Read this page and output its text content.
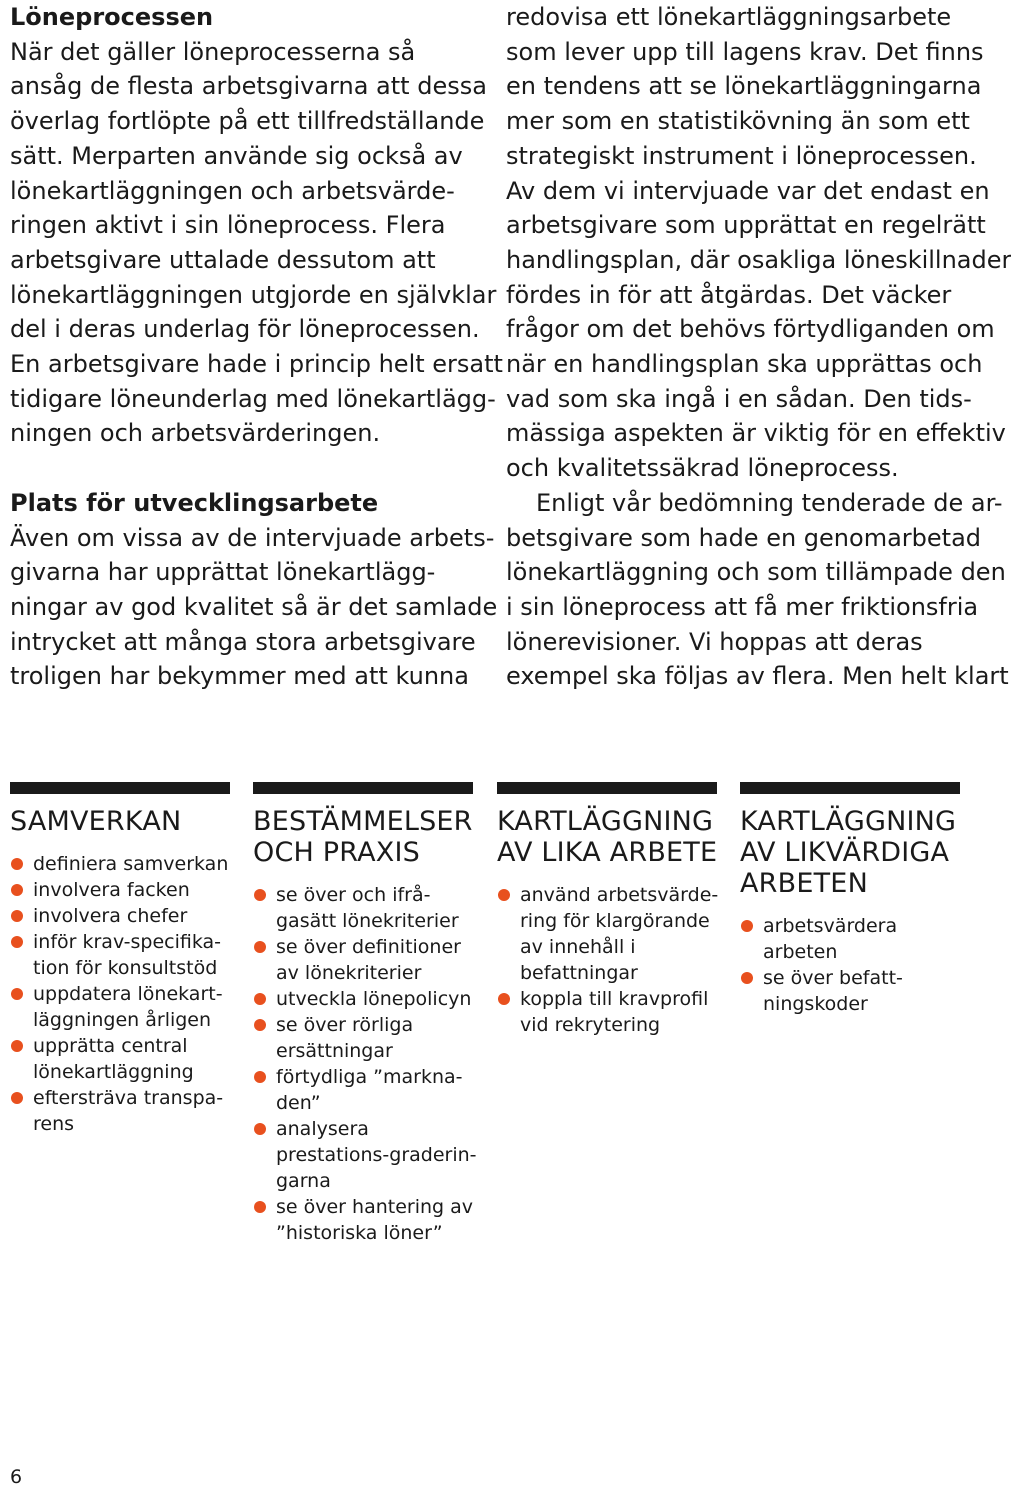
Löneprocessen
När det gäller löneprocesserna så
ansåg de flesta arbetsgivarna att dessa
överlag fortlöpte på ett tillfredställande
sätt. Merparten använde sig också av
lönekartläggningen och arbetsvärde-
ringen aktivt i sin löneprocess. Flera
arbetsgivare uttalade dessutom att
lönekartläggningen utgjorde en självklar
del i deras underlag för löneprocessen.
En arbetsgivare hade i princip helt ersatt
tidigare löneunderlag med lönekartlägg-
ningen och arbetsvärderingen.
Plats för utvecklingsarbete
Även om vissa av de intervjuade arbets-
givarna har upprättat lönekartlägg-
ningar av god kvalitet så är det samlade
intrycket att många stora arbetsgivare
troligen har bekymmer med att kunna
redovisa ett lönekartläggningsarbete
som lever upp till lagens krav. Det finns
en tendens att se lönekartläggningarna
mer som en statistikövning än som ett
strategiskt instrument i löneprocessen.
Av dem vi intervjuade var det endast en
arbetsgivare som upprättat en regelrätt
handlingsplan, där osakliga löneskillnader
fördes in för att åtgärdas. Det väcker
frågor om det behövs förtydliganden om
när en handlingsplan ska upprättas och
vad som ska ingå i en sådan. Den tids-
mässiga aspekten är viktig för en effektiv
och kvalitetssäkrad löneprocess.
Enligt vår bedömning tenderade de ar-
betsgivare som hade en genomarbetad
lönekartläggning och som tillämpade den
i sin löneprocess att få mer friktionsfria
lönerevisioner. Vi hoppas att deras
exempel ska följas av flera. Men helt klart
SAMVERKAN
definiera samverkan
involvera facken
involvera chefer
inför krav-specifika-
tion för konsultstöd
uppdatera lönekart-
läggningen årligen
upprätta central
lönekartläggning
eftersträva transpa-
rens
BESTÄMMELSER
OCH PRAXIS
se över och ifrå-
gasätt lönekriterier
se över definitioner
av lönekriterier
utveckla lönepolicyn
se över rörliga
ersättningar
förtydliga ”markna-
den”
analysera
prestations-graderin-
garna
se över hantering av
”historiska löner”
KARTLÄGGNING
AV LIKA ARBETE
använd arbetsvärde-
ring för klargörande
av innehåll i
befattningar
koppla till kravprofil
vid rekrytering
KARTLÄGGNING
AV LIKVÄRDIGA
ARBETEN
arbetsvärdera
arbeten
se över befatt-
ningskoder
6
